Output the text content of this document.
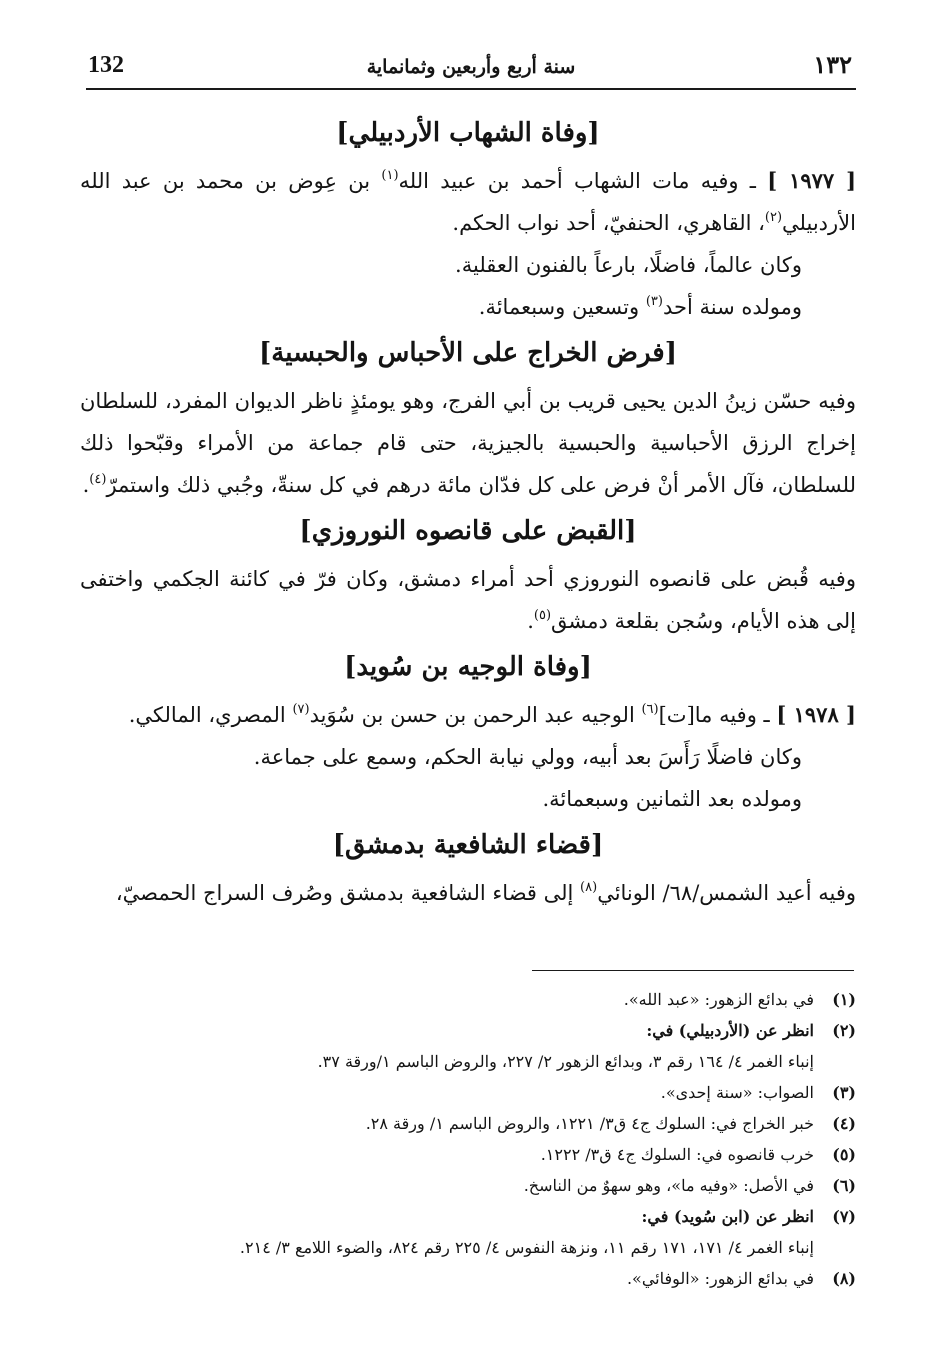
132	سنة أربع وأربعين وثمانماية	١٣٢
[وفاة الشهاب الأردبيلي]
[ ١٩٧٧ ] ـ وفيه مات الشهاب أحمد بن عبيد الله$^{(١)}$ بن عِوض بن محمد بن عبد الله الأردبيلي$^{(٢)}$، القاهري، الحنفيّ، أحد نواب الحكم.
وكان عالماً، فاضلًا، بارعاً بالفنون العقلية.
ومولده سنة أحد$^{(٣)}$ وتسعين وسبعمائة.
[فرض الخراج على الأحباس والحبسية]
وفيه حسّن زينُ الدين يحيى قريب بن أبي الفرج، وهو يومئذٍ ناظر الديوان المفرد، للسلطان إخراج الرزق الأحباسية والحبسية بالجيزية، حتى قام جماعة من الأمراء وقبّحوا ذلك للسلطان، فآل الأمر أنْ فرض على كل فدّان مائة درهم في كل سنةّ، وجُبي ذلك واستمرّ$^{(٤)}$.
[القبض على قانصوه النوروزي]
وفيه قُبض على قانصوه النوروزي أحد أمراء دمشق، وكان فرّ في كائنة الجكمي واختفى إلى هذه الأيام، وسُجن بقلعة دمشق$^{(٥)}$.
[وفاة الوجيه بن سُويد]
[ ١٩٧٨ ] ـ وفيه ما[ت]$^{(٦)}$ الوجيه عبد الرحمن بن حسن بن سُوَيد$^{(٧)}$ المصري، المالكي.
وكان فاضلًا رَأَسَ بعد أبيه، وولي نيابة الحكم، وسمع على جماعة.
ومولده بعد الثمانين وسبعمائة.
[قضاء الشافعية بدمشق]
وفيه أعيد الشمس/٦٨/ الونائي$^{(٨)}$ إلى قضاء الشافعية بدمشق وصُرف السراج الحمصيّ،
(١)في بدائع الزهور: «عبد الله».
(٢)انظر عن (الأردبيلي) في:
إنباء الغمر ٤/ ١٦٤ رقم ٣، وبدائع الزهور ٢/ ٢٢٧، والروض الباسم ١/ورقة ٣٧.
(٣)الصواب: «سنة إحدى».
(٤)خبر الخراج في: السلوك ج٤ ق٣/ ١٢٢١، والروض الباسم ١/ ورقة ٢٨.
(٥)خرب قانصوه في: السلوك ج٤ ق٣/ ١٢٢٢.
(٦)في الأصل: «وفيه ما»، وهو سهوٌ من الناسخ.
(٧)انظر عن (ابن سُويد) في:
إنباء الغمر ٤/ ١٧١، ١٧١ رقم ١١، ونزهة النفوس ٤/ ٢٢٥ رقم ٨٢٤، والضوء اللامع ٣/ ٢١٤.
(٨)في بدائع الزهور: «الوفائي».
